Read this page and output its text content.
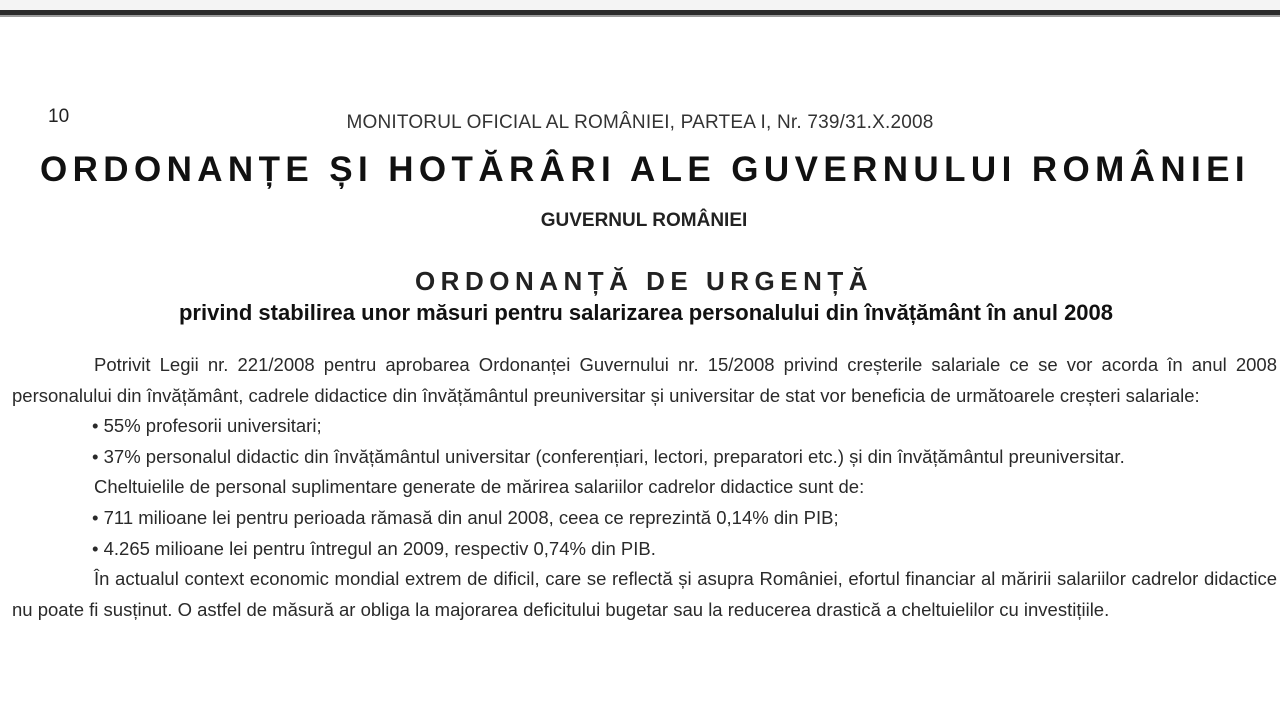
10	MONITORUL OFICIAL AL ROMÂNIEI, PARTEA I, Nr. 739/31.X.2008
ORDONANȚE ȘI HOTĂRÂRI ALE GUVERNULUI ROMÂNIEI
GUVERNUL ROMÂNIEI
ORDONANȚĂ DE URGENȚĂ
privind stabilirea unor măsuri pentru salarizarea personalului din învățământ în anul 2008

Potrivit Legii nr. 221/2008 pentru aprobarea Ordonanței Guvernului nr. 15/2008 privind creșterile salariale ce se vor acorda în anul 2008 personalului din învățământ, cadrele didactice din învățământul preuniversitar și universitar de stat vor beneficia de următoarele creșteri salariale:

• 55% profesorii universitari;

• 37% personalul didactic din învățământul universitar (conferențiari, lectori, preparatori etc.) și din învățământul preuniversitar.

Cheltuielile de personal suplimentare generate de mărirea salariilor cadrelor didactice sunt de:

• 711 milioane lei pentru perioada rămasă din anul 2008, ceea ce reprezintă 0,14% din PIB;

• 4.265 milioane lei pentru întregul an 2009, respectiv 0,74% din PIB.

În actualul context economic mondial extrem de dificil, care se reflectă și asupra României, efortul financiar al măririi salariilor cadrelor didactice nu poate fi susținut. O astfel de măsură ar obliga la majorarea deficitului bugetar sau la reducerea drastică a cheltuielilor cu investițiile.
